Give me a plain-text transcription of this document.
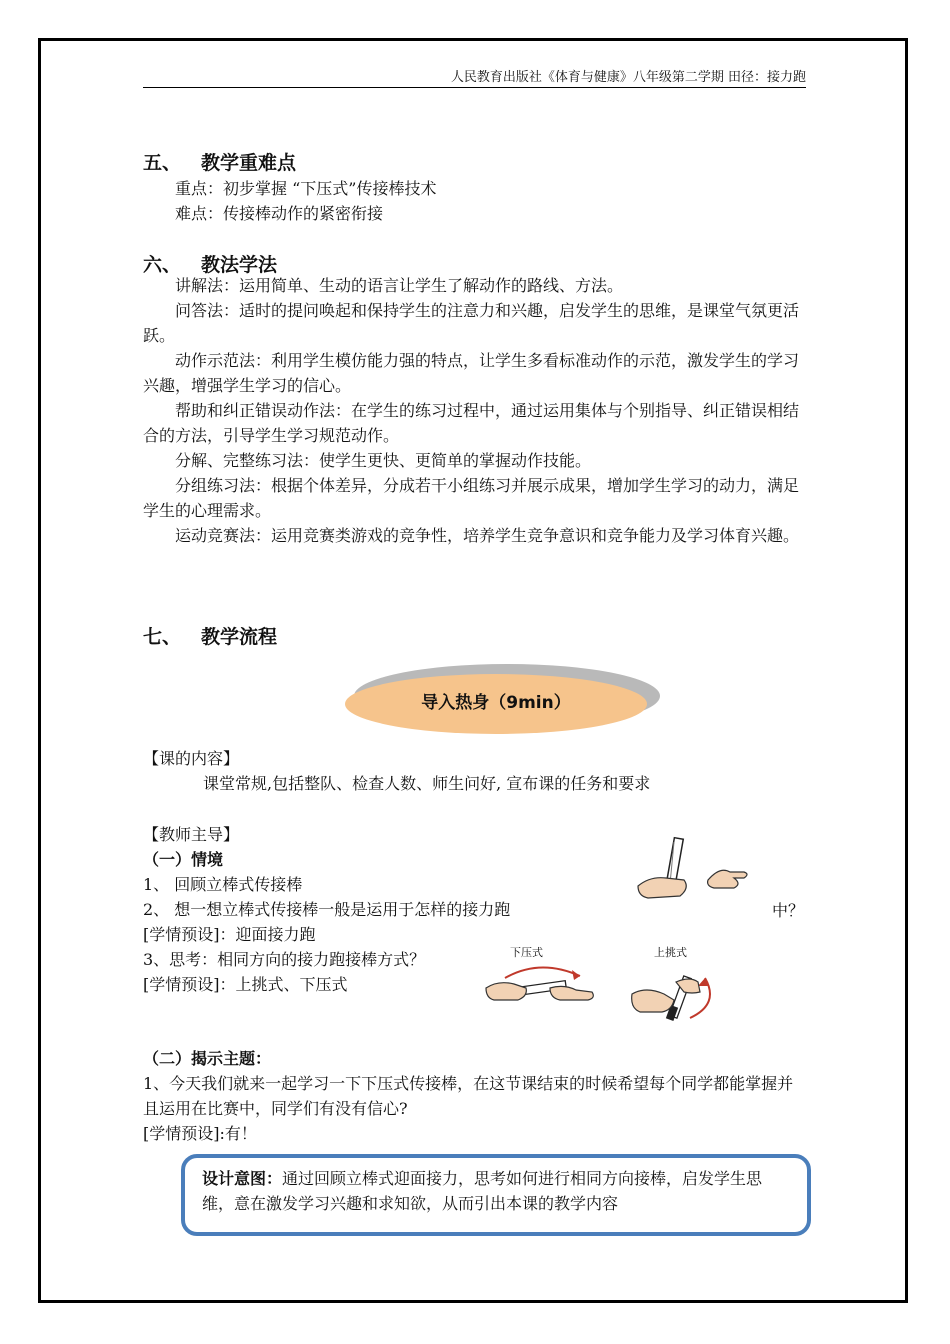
人民教育出版社《体育与健康》八年级第二学期 田径：接力跑
五、 教学重难点
重点：初步掌握 “下压式”传接棒技术
难点：传接棒动作的紧密衔接
六、 教法学法
讲解法：运用简单、生动的语言让学生了解动作的路线、方法。
问答法：适时的提问唤起和保持学生的注意力和兴趣，启发学生的思维，是课堂气氛更活跃。
动作示范法：利用学生模仿能力强的特点，让学生多看标准动作的示范，激发学生的学习兴趣，增强学生学习的信心。
帮助和纠正错误动作法：在学生的练习过程中，通过运用集体与个别指导、纠正错误相结合的方法，引导学生学习规范动作。
分解、完整练习法：使学生更快、更简单的掌握动作技能。
分组练习法：根据个体差异，分成若干小组练习并展示成果，增加学生学习的动力，满足学生的心理需求。
运动竞赛法：运用竞赛类游戏的竞争性，培养学生竞争意识和竞争能力及学习体育兴趣。
七、 教学流程
导入热身（9min）
【课的内容】
课堂常规,包括整队、检查人数、师生问好, 宣布课的任务和要求
【教师主导】
（一）情境
1、 回顾立棒式传接棒
2、 想一想立棒式传接棒一般是运用于怎样的接力跑
[学情预设]：迎面接力跑
3、思考：相同方向的接力跑接棒方式？
[学情预设]：上挑式、下压式
中？
下压式	上挑式
（二）揭示主题：
1、今天我们就来一起学习一下下压式传接棒，在这节课结束的时候希望每个同学都能掌握并且运用在比赛中，同学们有没有信心?
[学情预设]:有！
设计意图：通过回顾立棒式迎面接力，思考如何进行相同方向接棒，启发学生思维，意在激发学习兴趣和求知欲，从而引出本课的教学内容
